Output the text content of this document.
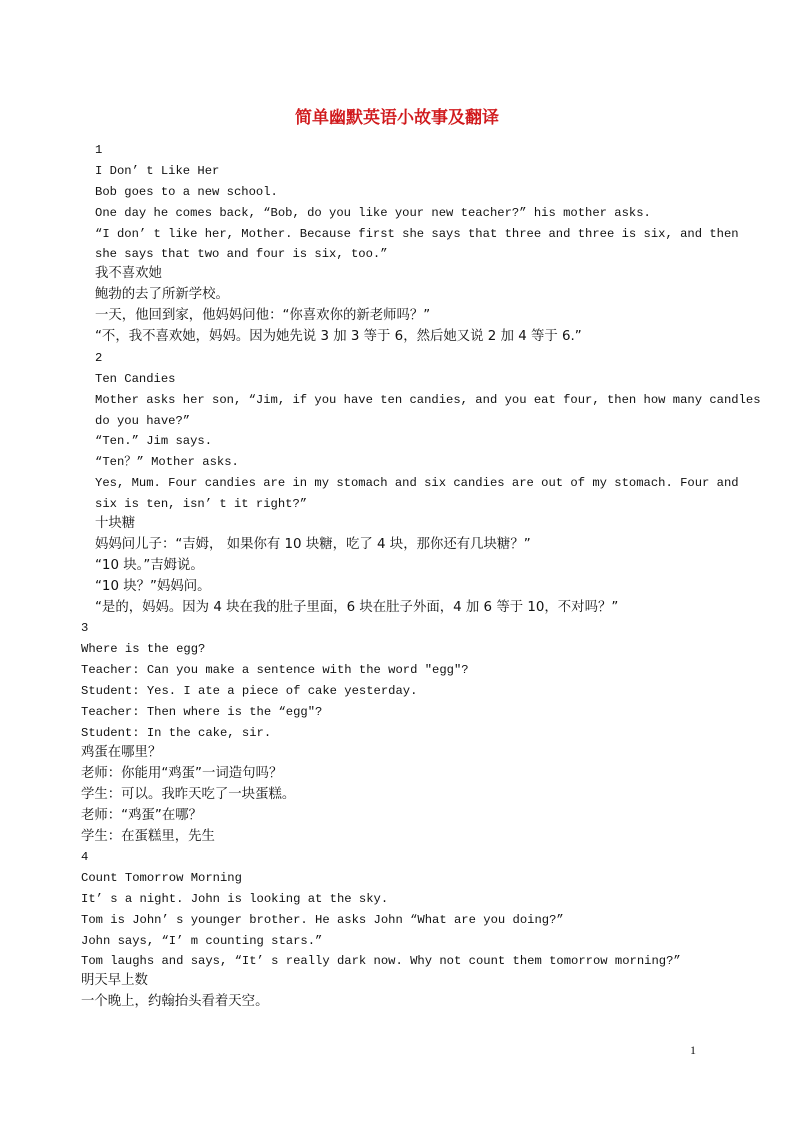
简单幽默英语小故事及翻译

1

I Don’ t Like Her

Bob goes to a new school.

One day he comes back, “Bob, do you like your new teacher?” his mother asks.

“I don’ t like her, Mother. Because first she says that three and three is six, and then

she says that two and four is six, too.”

我不喜欢她

鲍勃的去了所新学校。

一天，他回到家，他妈妈问他：“你喜欢你的新老师吗？”

“不，我不喜欢她，妈妈。因为她先说 3 加 3 等于 6，然后她又说 2 加 4 等于 6.”

2

Ten Candies

Mother asks her son, “Jim, if you have ten candies, and you eat four, then how many candles

do you have?”

“Ten.” Jim says.

“Ten？” Mother asks.

Yes, Mum. Four candies are in my stomach and six candies are out of my stomach. Four and

six is ten, isn’ t it right?”

十块糖

妈妈问儿子：“吉姆， 如果你有 10 块糖，吃了 4 块，那你还有几块糖？”

“10 块。”吉姆说。

“10 块？”妈妈问。

“是的，妈妈。因为 4 块在我的肚子里面，6 块在肚子外面，4 加 6 等于 10，不对吗？”

3

Where is the egg?

Teacher: Can you make a sentence with the word ″egg″?

Student: Yes. I ate a piece of cake yesterday.

Teacher: Then where is the “egg″?

Student: In the cake, sir.

鸡蛋在哪里？

老师：你能用“鸡蛋”一词造句吗？

学生：可以。我昨天吃了一块蛋糕。

老师：“鸡蛋”在哪？

学生：在蛋糕里，先生

4

Count Tomorrow Morning

It’ s a night. John is looking at the sky.

Tom is John’ s younger brother. He asks John “What are you doing?”

John says, “I’ m counting stars.”

Tom laughs and says, “It’ s really dark now. Why not count them tomorrow morning?”

明天早上数

一个晚上，约翰抬头看着天空。

1
